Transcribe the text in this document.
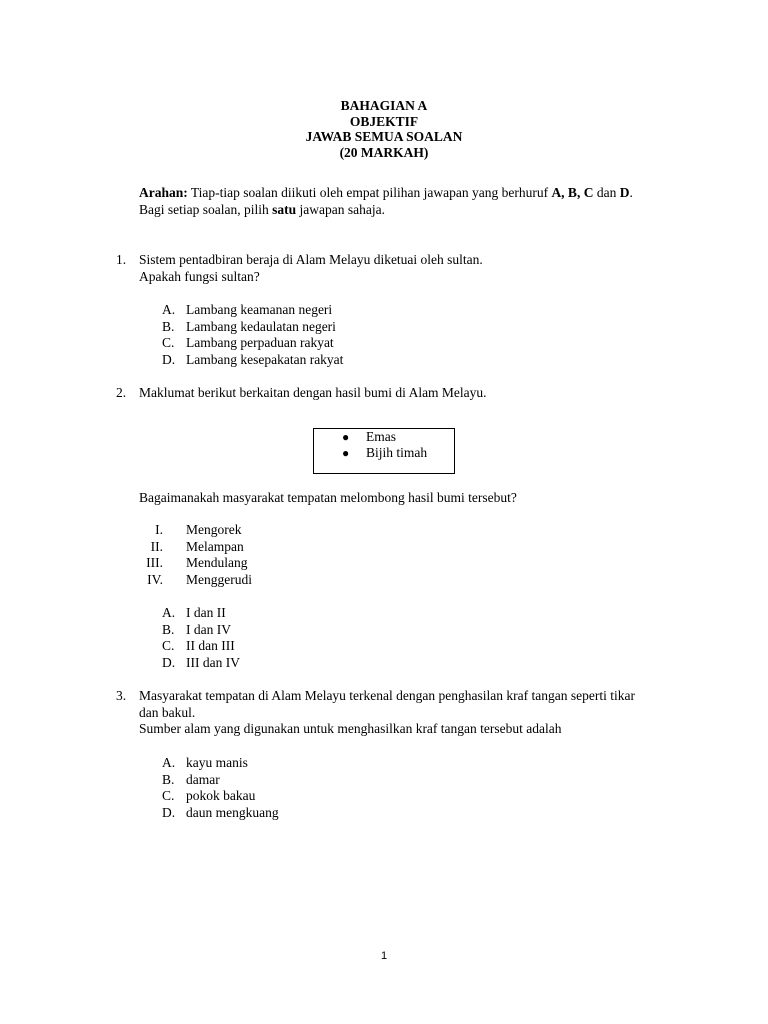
BAHAGIAN A
OBJEKTIF
JAWAB SEMUA SOALAN
(20 MARKAH)
Arahan: Tiap-tiap soalan diikuti oleh empat pilihan jawapan yang berhuruf A, B, C dan D.
Bagi setiap soalan, pilih satu jawapan sahaja.
1. Sistem pentadbiran beraja di Alam Melayu diketuai oleh sultan.
Apakah fungsi sultan?
A. Lambang keamanan negeri
B. Lambang kedaulatan negeri
C. Lambang perpaduan rakyat
D. Lambang kesepakatan rakyat
2. Maklumat berikut berkaitan dengan hasil bumi di Alam Melayu.
● Emas
● Bijih timah
Bagaimanakah masyarakat tempatan melombong hasil bumi tersebut?
I. Mengorek
II. Melampan
III. Mendulang
IV. Menggerudi
A. I dan II
B. I dan IV
C. II dan III
D. III dan IV
3. Masyarakat tempatan di Alam Melayu terkenal dengan penghasilan kraf tangan seperti tikar
dan bakul.
Sumber alam yang digunakan untuk menghasilkan kraf tangan tersebut adalah
A. kayu manis
B. damar
C. pokok bakau
D. daun mengkuang
1
